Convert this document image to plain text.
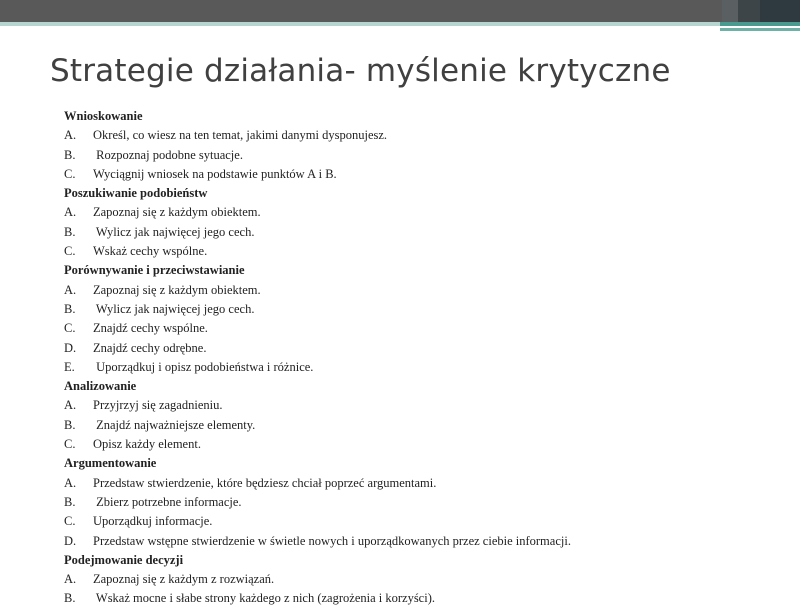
Strategie działania- myślenie krytyczne
Wnioskowanie
A.	Określ, co wiesz na ten temat, jakimi danymi dysponujesz.
B.	Rozpoznaj podobne sytuacje.
C.	Wyciągnij wniosek na podstawie punktów A i B.
Poszukiwanie podobieństw
A.	Zapoznaj się z każdym obiektem.
B.	Wylicz jak najwięcej jego cech.
C.	Wskaż cechy wspólne.
Porównywanie i przeciwstawianie
A.	Zapoznaj się z każdym obiektem.
B.	Wylicz jak najwięcej jego cech.
C.	Znajdź cechy wspólne.
D.	Znajdź cechy odrębne.
E.	Uporządkuj i opisz podobieństwa i różnice.
Analizowanie
A.	Przyjrzyj się zagadnieniu.
B.	Znajdź najważniejsze elementy.
C.	Opisz każdy element.
Argumentowanie
A.	Przedstaw stwierdzenie, które będziesz chciał poprzeć argumentami.
B.	Zbierz potrzebne informacje.
C.	Uporządkuj informacje.
D.	Przedstaw wstępne stwierdzenie w świetle nowych i uporządkowanych przez ciebie informacji.
Podejmowanie decyzji
A.	Zapoznaj się z każdym z rozwiązań.
B.	Wskaż mocne i słabe strony każdego z nich (zagrożenia i korzyści).
